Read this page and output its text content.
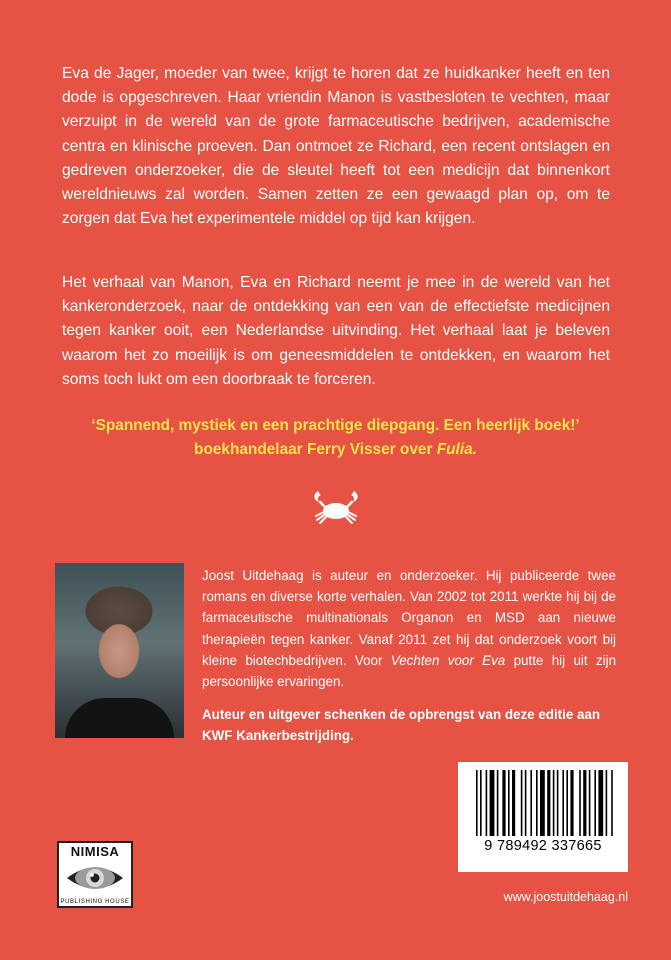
Eva de Jager, moeder van twee, krijgt te horen dat ze huidkanker heeft en ten dode is opgeschreven. Haar vriendin Manon is vastbesloten te vechten, maar verzuipt in de wereld van de grote farmaceutische bedrijven, academische centra en klinische proeven. Dan ontmoet ze Richard, een recent ontslagen en gedreven onderzoeker, die de sleutel heeft tot een medicijn dat binnenkort wereldnieuws zal worden. Samen zetten ze een gewaagd plan op, om te zorgen dat Eva het experimentele middel op tijd kan krijgen.

Het verhaal van Manon, Eva en Richard neemt je mee in de wereld van het kankeronderzoek, naar de ontdekking van een van de effectiefste medicijnen tegen kanker ooit, een Nederlandse uitvinding. Het verhaal laat je beleven waarom het zo moeilijk is om geneesmiddelen te ontdekken, en waarom het soms toch lukt om een doorbraak te forceren.

‘Spannend, mystiek en een prachtige diepgang. Een heerlijk boek!’
boekhandelaar Ferry Visser over Fulia.

Joost Uitdehaag is auteur en onderzoeker. Hij publiceerde twee romans en diverse korte verhalen. Van 2002 tot 2011 werkte hij bij de farmaceutische multinationals Organon en MSD aan nieuwe therapieën tegen kanker. Vanaf 2011 zet hij dat onderzoek voort bij kleine biotechbedrijven. Voor Vechten voor Eva putte hij uit zijn persoonlijke ervaringen.

Auteur en uitgever schenken de opbrengst van deze editie aan KWF Kankerbestrijding.

9 789492 337665
www.joostuitdehaag.nl
NIMISA
PUBLISHING HOUSE
